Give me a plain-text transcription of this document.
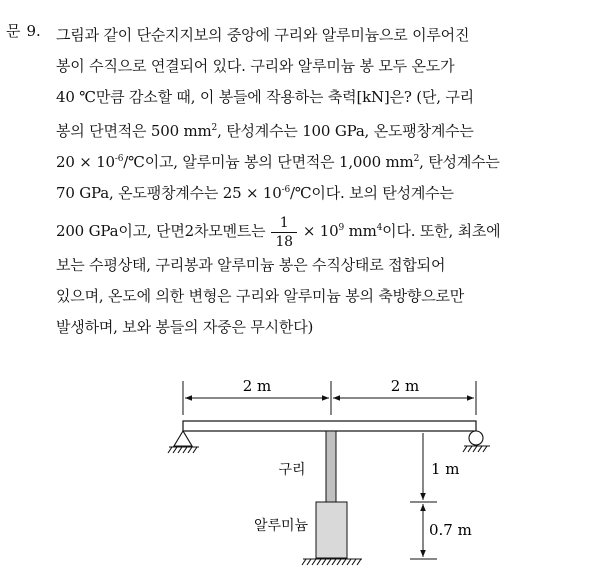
문 9.	그림과 같이 단순지지보의 중앙에 구리와 알루미늄으로 이루어진
봉이 수직으로 연결되어 있다. 구리와 알루미늄 봉 모두 온도가
40 ℃만큼 감소할 때, 이 봉들에 작용하는 축력[kN]은? (단, 구리
봉의 단면적은 500 $mm^2$, 탄성계수는 100 GPa, 온도팽창계수는
$20 \times 10^{-6}/℃$이고, 알루미늄 봉의 단면적은 1,000 $mm^2$, 탄성계수는
70 GPa, 온도팽창계수는 $25 \times 10^{-6}/℃$이다. 보의 탄성계수는
200 GPa이고, 단면2차모멘트는 $\frac{1}{18} \times 10^9$ $mm^4$이다. 또한, 최초에
보는 수평상태, 구리봉과 알루미늄 봉은 수직상태로 접합되어
있으며, 온도에 의한 변형은 구리와 알루미늄 봉의 축방향으로만
발생하며, 보와 봉들의 자중은 무시한다)
2 m	2 m
구리
알루미늄
1 m
0.7 m
